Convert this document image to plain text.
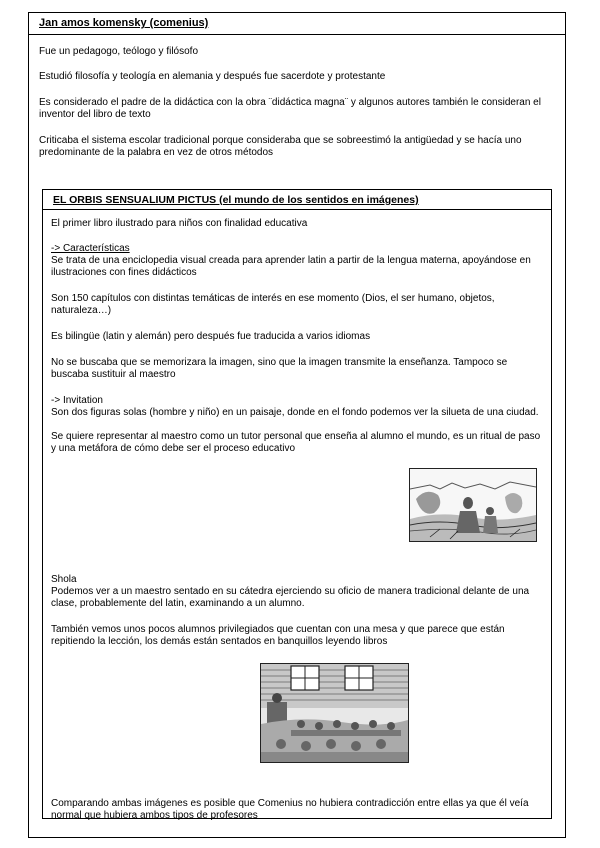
Jan amos komensky (comenius)

Fue un pedagogo, teólogo y filósofo

Estudió filosofía y teología en alemania y después fue sacerdote y protestante

Es considerado el padre de la didáctica con la obra ¨didáctica magna¨ y algunos autores también le consideran el inventor del libro de texto

Criticaba el sistema escolar tradicional porque consideraba que se sobreestimó la antigüedad y se hacía uno predominante de la palabra en vez de otros métodos

EL ORBIS SENSUALIUM PICTUS (el mundo de los sentidos en imágenes)

El primer libro ilustrado para niños con finalidad educativa

-> Características

Se trata de una enciclopedia visual creada para aprender latin a partir de la lengua materna, apoyándose en ilustraciones con fines didácticos

Son 150 capítulos con distintas temáticas de interés en ese momento (Dios, el ser humano, objetos, naturaleza…)

Es bilingüe (latin y alemán) pero después fue traducida a varios idiomas

No se buscaba que se memorizara la imagen, sino que la imagen transmite la enseñanza. Tampoco se buscaba sustituir al maestro

-> Invitation

Son dos figuras solas (hombre y niño) en un paisaje, donde en el fondo podemos ver la silueta de una ciudad.

Se quiere representar al maestro como un tutor personal que enseña al alumno el mundo, es un ritual de paso y una metáfora de cómo debe ser el proceso educativo

Shola

Podemos ver a un maestro sentado en su cátedra ejerciendo su oficio de manera tradicional delante de una clase, probablemente del latin, examinando a un alumno.

También vemos unos pocos alumnos privilegiados que cuentan con una mesa y que parece que están repitiendo la lección, los demás están sentados en banquillos leyendo libros

Comparando ambas imágenes es posible que Comenius no hubiera contradicción entre ellas ya que él veía normal que hubiera ambos tipos de profesores
